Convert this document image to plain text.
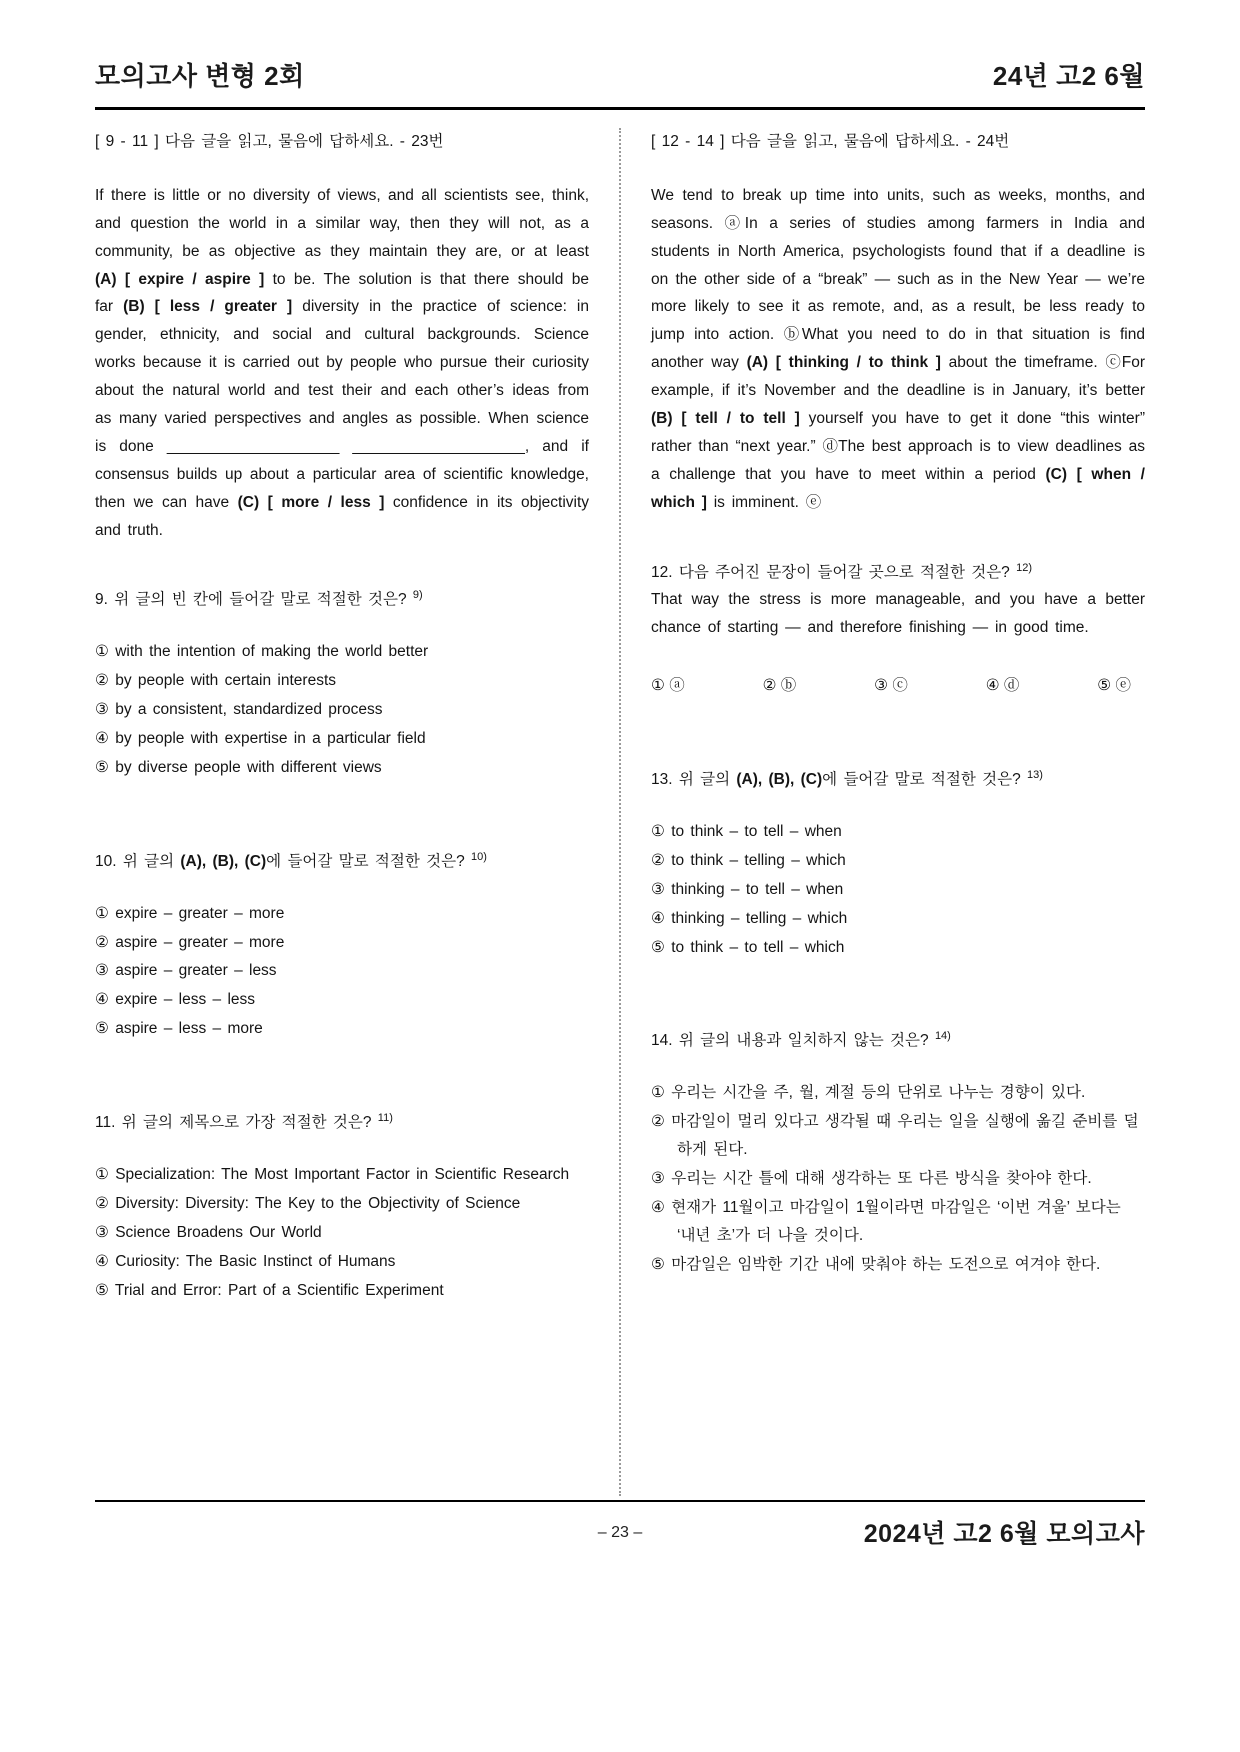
모의고사 변형 2회	24년 고2 6월
[ 9 - 11 ] 다음 글을 읽고, 물음에 답하세요. - 23번
If there is little or no diversity of views, and all scientists see, think, and question the world in a similar way, then they will not, as a community, be as objective as they maintain they are, or at least (A) [ expire / aspire ] to be. The solution is that there should be far (B) [ less / greater ] diversity in the practice of science: in gender, ethnicity, and social and cultural backgrounds. Science works because it is carried out by people who pursue their curiosity about the natural world and test their and each other’s ideas from as many varied perspectives and angles as possible. When science is done ____________________ ____________________, and if consensus builds up about a particular area of scientific knowledge, then we can have (C) [ more / less ] confidence in its objectivity and truth.
9. 위 글의 빈 칸에 들어갈 말로 적절한 것은? $^{9)}$
① with the intention of making the world better
② by people with certain interests
③ by a consistent, standardized process
④ by people with expertise in a particular field
⑤ by diverse people with different views
10. 위 글의 (A), (B), (C)에 들어갈 말로 적절한 것은? $^{10)}$
① expire – greater – more
② aspire – greater – more
③ aspire – greater – less
④ expire – less – less
⑤ aspire – less – more
11. 위 글의 제목으로 가장 적절한 것은? $^{11)}$
① Specialization: The Most Important Factor in Scientific Research
② Diversity: Diversity: The Key to the Objectivity of Science
③ Science Broadens Our World
④ Curiosity: The Basic Instinct of Humans
⑤ Trial and Error: Part of a Scientific Experiment
[ 12 - 14 ] 다음 글을 읽고, 물음에 답하세요. - 24번
We tend to break up time into units, such as weeks, months, and seasons. ⓐIn a series of studies among farmers in India and students in North America, psychologists found that if a deadline is on the other side of a “break” — such as in the New Year — we’re more likely to see it as remote, and, as a result, be less ready to jump into action. ⓑWhat you need to do in that situation is find another way (A) [ thinking / to think ] about the timeframe. ⓒFor example, if it’s November and the deadline is in January, it’s better (B) [ tell / to tell ] yourself you have to get it done “this winter” rather than “next year.” ⓓThe best approach is to view deadlines as a challenge that you have to meet within a period (C) [ when / which ] is imminent. ⓔ
12. 다음 주어진 문장이 들어갈 곳으로 적절한 것은? $^{12)}$
That way the stress is more manageable, and you have a better chance of starting — and therefore finishing — in good time.
① ⓐ	② ⓑ	③ ⓒ	④ ⓓ	⑤ ⓔ
13. 위 글의 (A), (B), (C)에 들어갈 말로 적절한 것은? $^{13)}$
① to think – to tell – when
② to think – telling – which
③ thinking – to tell – when
④ thinking – telling – which
⑤ to think – to tell – which
14. 위 글의 내용과 일치하지 않는 것은? $^{14)}$
① 우리는 시간을 주, 월, 계절 등의 단위로 나누는 경향이 있다.
② 마감일이 멀리 있다고 생각될 때 우리는 일을 실행에 옮길 준비를 덜 하게 된다.
③ 우리는 시간 틀에 대해 생각하는 또 다른 방식을 찾아야 한다.
④ 현재가 11월이고 마감일이 1월이라면 마감일은 ‘이번 겨울’ 보다는 ‘내년 초’가 더 나을 것이다.
⑤ 마감일은 임박한 기간 내에 맞춰야 하는 도전으로 여겨야 한다.
– 23 –	2024년 고2 6월 모의고사
